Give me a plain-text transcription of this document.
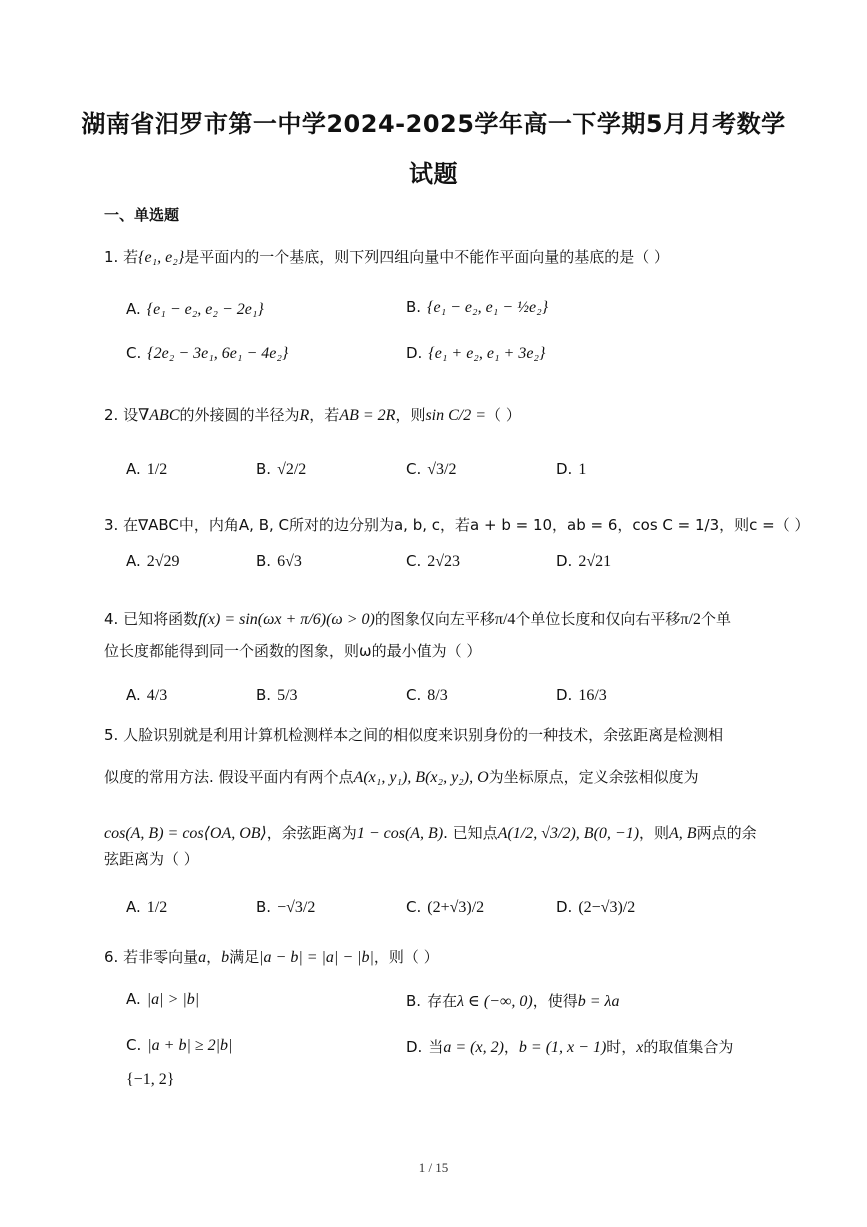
湖南省汨罗市第一中学2024-2025学年高一下学期5月月考数学
试题
一、单选题
1. 若{e₁, e₂}是平面内的一个基底，则下列四组向量中不能作平面向量的基底的是（ ）
A. {e₁ − e₂, e₂ − 2e₁}	B. {e₁ − e₂, e₁ − ½e₂}
C. {2e₂ − 3e₁, 6e₁ − 4e₂}	D. {e₁ + e₂, e₁ + 3e₂}
2. 设∇ABC的外接圆的半径为R，若AB = 2R，则sin C/2 =（ ）
A. 1/2	B. √2/2	C. √3/2	D. 1
3. 在∇ABC中，内角A, B, C所对的边分别为a, b, c，若a + b = 10，ab = 6，cos C = 1/3，则c =（ ）
A. 2√29	B. 6√3	C. 2√23	D. 2√21
4. 已知将函数f(x) = sin(ωx + π/6)(ω > 0)的图象仅向左平移π/4个单位长度和仅向右平移π/2个单
位长度都能得到同一个函数的图象，则ω的最小值为（ ）
A. 4/3	B. 5/3	C. 8/3	D. 16/3
5. 人脸识别就是利用计算机检测样本之间的相似度来识别身份的一种技术，余弦距离是检测相
似度的常用方法. 假设平面内有两个点A(x₁, y₁), B(x₂, y₂), O为坐标原点，定义余弦相似度为
cos(A, B) = cos⟨OA, OB⟩，余弦距离为1 − cos(A, B). 已知点A(1/2, √3/2), B(0, −1)，则A, B两点的余
弦距离为（ ）
A. 1/2	B. −√3/2	C. (2+√3)/2	D. (2−√3)/2
6. 若非零向量a，b满足|a − b| = |a| − |b|，则（ ）
A. |a| > |b|	B. 存在λ ∈ (−∞, 0)，使得b = λa
C. |a + b| ≥ 2|b|	D. 当a = (x, 2)，b = (1, x − 1)时，x的取值集合为
{−1, 2}
1 / 15
